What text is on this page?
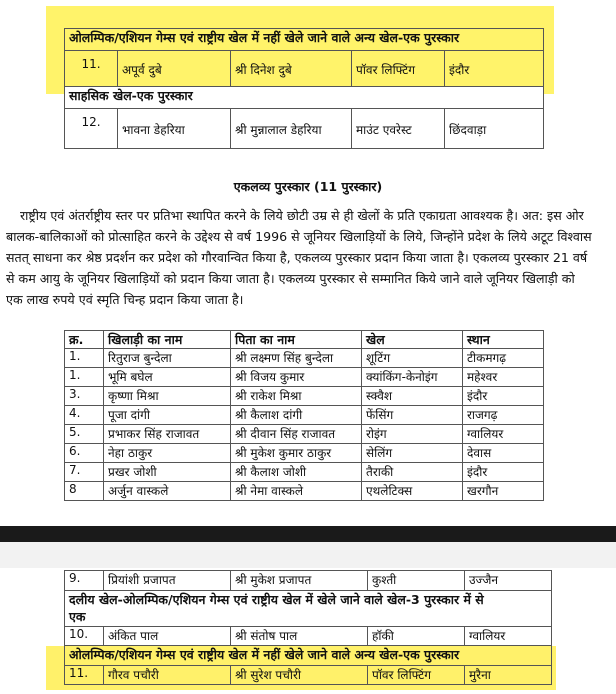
ओलम्पिक/एशियन गेम्स एवं राष्ट्रीय खेल में नहीं खेले जाने वाले अन्य खेल-एक पुरस्कार				
11.	अपूर्व दुबे	श्री दिनेश दुबे	पॉवर लिफ्टिंग	इंदौर
साहसिक खेल-एक पुरस्कार				
12.	भावना डेहरिया	श्री मुन्नालाल डेहरिया	माउंट एवरेस्ट	छिंदवाड़ा
एकलव्य पुरस्कार (11 पुरस्कार)
राष्ट्रीय एवं अंतर्राष्ट्रीय स्तर पर प्रतिभा स्थापित करने के लिये छोटी उम्र से ही खेलों के प्रति एकाग्रता आवश्यक है। अत: इस ओर
बालक-बालिकाओं को प्रोत्साहित करने के उद्देश्य से वर्ष 1996 से जूनियर खिलाड़ियों के लिये, जिन्होंने प्रदेश के लिये अटूट विश्वास
सतत् साधना कर श्रेष्ठ प्रदर्शन कर प्रदेश को गौरवान्वित किया है, एकलव्य पुरस्कार प्रदान किया जाता है। एकलव्य पुरस्कार 21 वर्ष
से कम आयु के जूनियर खिलाड़ियों को प्रदान किया जाता है। एकलव्य पुरस्कार से सम्मानित किये जाने वाले जूनियर खिलाड़ी को
एक लाख रुपये एवं स्मृति चिन्ह प्रदान किया जाता है।
क्र.	खिलाड़ी का नाम	पिता का नाम	खेल	स्थान
1.	रितुराज बुन्देला	श्री लक्ष्मण सिंह बुन्देला	शूटिंग	टीकमगढ़
1.	भूमि बघेल	श्री विजय कुमार	क्यांकिंग-केनोइंग	महेश्वर
3.	कृष्णा मिश्रा	श्री राकेश मिश्रा	स्क्वैश	इंदौर
4.	पूजा दांगी	श्री कैलाश दांगी	फेंसिंग	राजगढ़
5.	प्रभाकर सिंह राजावत	श्री दीवान सिंह राजावत	रोइंग	ग्वालियर
6.	नेहा ठाकुर	श्री मुकेश कुमार ठाकुर	सेलिंग	देवास
7.	प्रखर जोशी	श्री कैलाश जोशी	तैराकी	इंदौर
8	अर्जुन वास्कले	श्री नेमा वास्कले	एथलेटिक्स	खरगौन
9.	प्रियांशी प्रजापत	श्री मुकेश प्रजापत	कुश्ती	उज्जैन
दलीय खेल-ओलम्पिक/एशियन गेम्स एवं राष्ट्रीय खेल में खेले जाने वाले खेल-3 पुरस्कार में से
एक				
10.	अंकित पाल	श्री संतोष पाल	हॉकी	ग्वालियर
ओलम्पिक/एशियन गेम्स एवं राष्ट्रीय खेल में नहीं खेले जाने वाले अन्य खेल-एक पुरस्कार				
11.	गौरव पचौरी	श्री सुरेश पचौरी	पॉवर लिफ्टिंग	मुरैना
